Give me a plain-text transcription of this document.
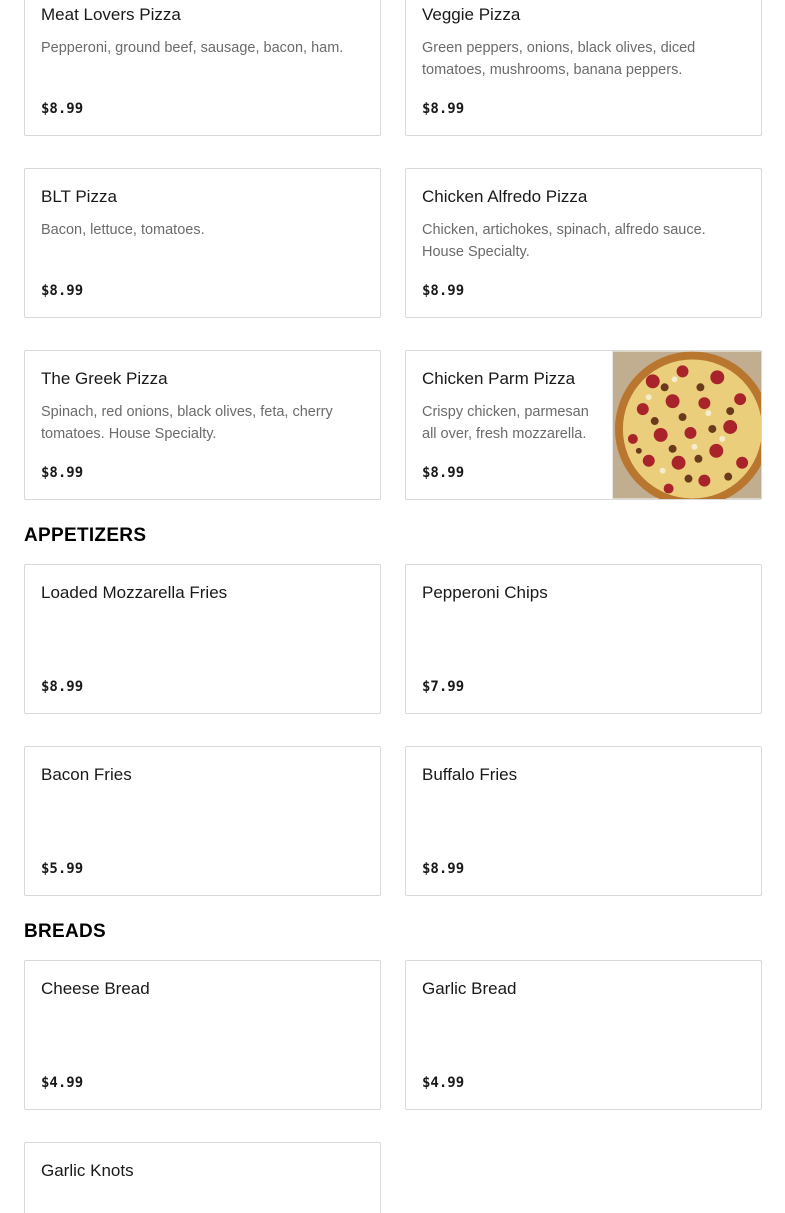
Meat Lovers Pizza
Pepperoni, ground beef, sausage, bacon, ham.
$8.99
Veggie Pizza
Green peppers, onions, black olives, diced tomatoes, mushrooms, banana peppers.
$8.99
BLT Pizza
Bacon, lettuce, tomatoes.
$8.99
Chicken Alfredo Pizza
Chicken, artichokes, spinach, alfredo sauce. House Specialty.
$8.99
The Greek Pizza
Spinach, red onions, black olives, feta, cherry tomatoes. House Specialty.
$8.99
Chicken Parm Pizza
Crispy chicken, parmesan all over, fresh mozzarella.
$8.99
APPETIZERS
Loaded Mozzarella Fries
$8.99
Pepperoni Chips
$7.99
Bacon Fries
$5.99
Buffalo Fries
$8.99
BREADS
Cheese Bread
$4.99
Garlic Bread
$4.99
Garlic Knots
